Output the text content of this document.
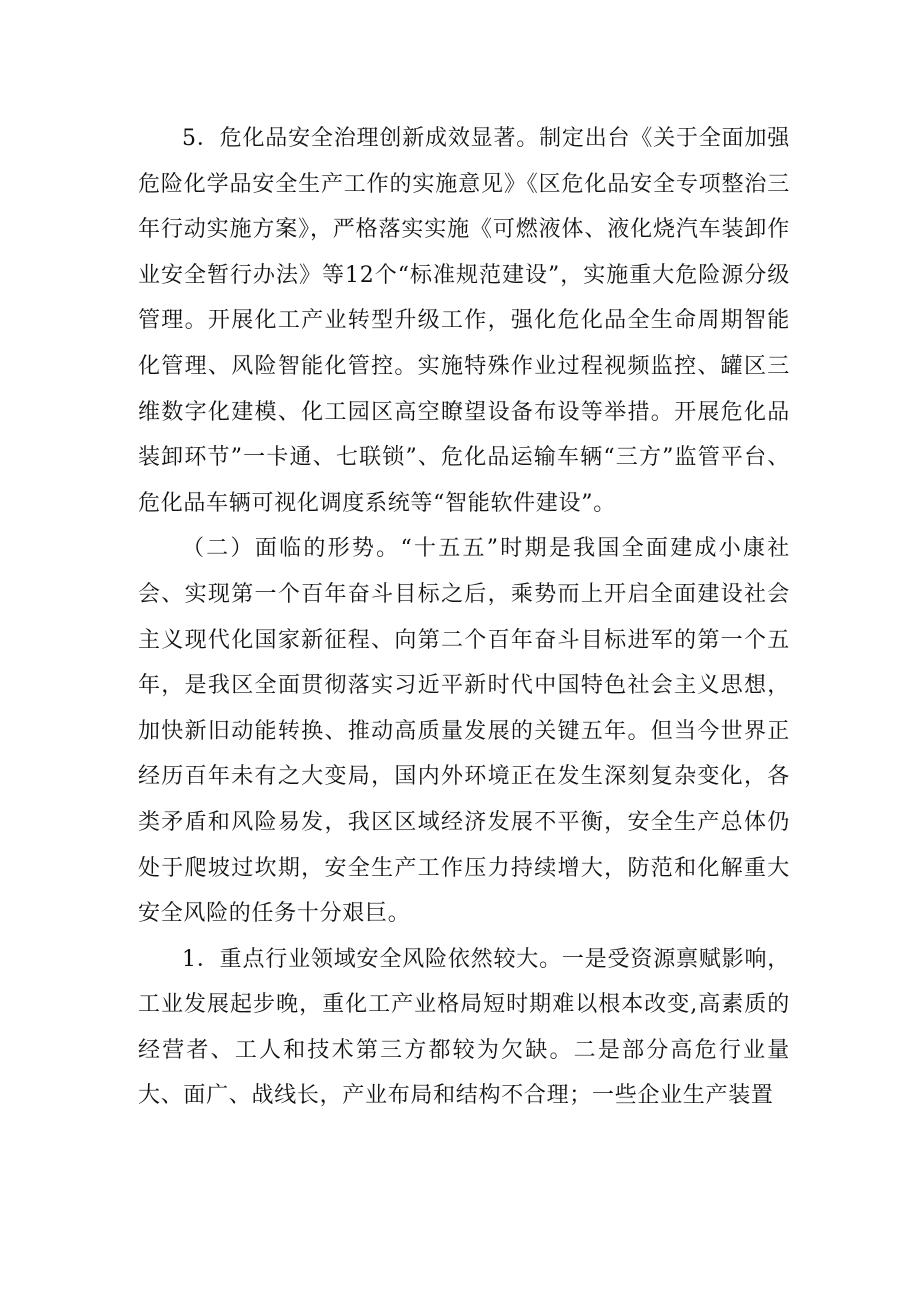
5．危化品安全治理创新成效显著。制定出台《关于全面加强危险化学品安全生产工作的实施意见》《区危化品安全专项整治三年行动实施方案》，严格落实实施《可燃液体、液化烧汽车装卸作业安全暂行办法》等12个“标准规范建设”，实施重大危险源分级管理。开展化工产业转型升级工作，强化危化品全生命周期智能化管理、风险智能化管控。实施特殊作业过程视频监控、罐区三维数字化建模、化工园区高空瞭望设备布设等举措。开展危化品装卸环节”一卡通、七联锁”、危化品运输车辆“三方”监管平台、危化品车辆可视化调度系统等“智能软件建设”。

（二）面临的形势。“十五五”时期是我国全面建成小康社会、实现第一个百年奋斗目标之后，乘势而上开启全面建设社会主义现代化国家新征程、向第二个百年奋斗目标进军的第一个五年，是我区全面贯彻落实习近平新时代中国特色社会主义思想，加快新旧动能转换、推动高质量发展的关键五年。但当今世界正经历百年未有之大变局，国内外环境正在发生深刻复杂变化，各类矛盾和风险易发，我区区域经济发展不平衡，安全生产总体仍处于爬坡过坎期，安全生产工作压力持续增大，防范和化解重大安全风险的任务十分艰巨。

1．重点行业领域安全风险依然较大。一是受资源禀赋影响，工业发展起步晚，重化工产业格局短时期难以根本改变,高素质的经营者、工人和技术第三方都较为欠缺。二是部分高危行业量大、面广、战线长，产业布局和结构不合理；一些企业生产装置
